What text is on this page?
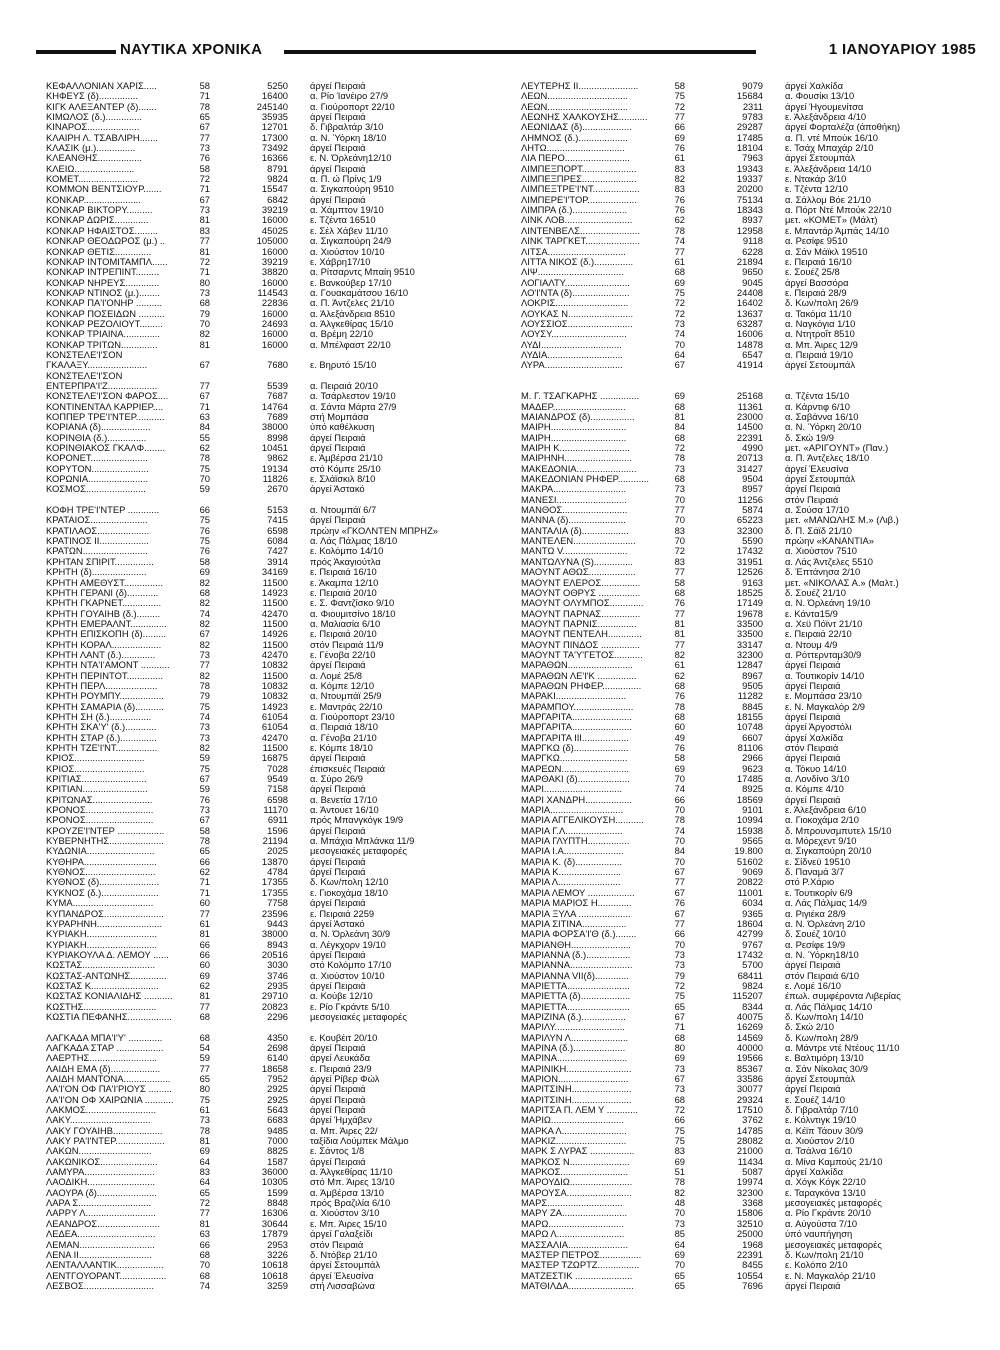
ΝΑΥΤΙΚΑ ΧΡΟΝΙΚΑ	1 ΙΑΝΟΥΑΡΙΟΥ 1985
ΚΕΦΑΛΛΟΝΙΑΝ ΧΑΡΙΣ.....	58	5250 άργεί Πειραιά
ΚΗΦΕΥΣ (δ)...............	71	16400 α. Ρίο Ίανέιρο 27/9
ΚΙΓΚ ΑΛΕΞΑΝΤΕΡ (δ).......	78	245140 α. Γιούροπορτ 22/10
ΚΙΜΩΛΟΣ (δ.)..............	65	35935 άργεί Πειραιά
ΚΙΝΑΡΟΣ....................	67	12701 δ. Γιβραλτάρ 3/10
ΚΛΑΙΡΗ Λ. ΤΣΑΒΛΙΡΗ.......	77	17300 α. Ν. Ύόρκη 18/10
ΚΛΑΣΙΚ (μ.)...............	73	73492 άργεί Πειραιά
ΚΛΕΑΝΘΗΣ.................	76	16366 ε. Ν. Όρλεάνη12/10
ΚΛΕΙΩ.......................	58	8791 άργεί Πειραιά
ΚΟΜΕΤ.......................	72	9824 α. Π. ώ Πρίνς 1/9
ΚΟΜΜΟΝ ΒΕΝΤΣΙΟΥΡ.......	71	15547 α. Σιγκαπούρη 9510
ΚΟΝΚΑΡ......................	67	6842 άργεί Πειραιά
ΚΟΝΚΑΡ ΒΙΚΤΟΡΥ..........	73	39219 α. Χάμπτον 19/10
ΚΟΝΚΑΡ ΔΩΡΙΣ.............	81	16000 ε. Τζέντα 16510
ΚΟΝΚΑΡ ΗΦΑΙΣΤΟΣ.........	83	45025 ε. Σέλ Χάβεν 11/10
ΚΟΝΚΑΡ ΘΕΟΔΩΡΟΣ (μ.) ..	77	105000 α. Σιγκαπούρη 24/9
ΚΟΝΚΑΡ ΘΕΤΙΣ..............	81	16000 α. Χιούστον 10/10
ΚΟΝΚΑΡ ΙΝΤΟΜΙΤΑΜΠΛ......	72	39219 ε. Χάβρη17/10
ΚΟΝΚΑΡ ΙΝΤΡΕΠΙΝΤ.........	71	38820 α. Ρίτσαρντς Μπαίη 9510
ΚΟΝΚΑΡ ΝΗΡΕΥΣ.............	80	16000 ε. Βανκούβερ 17/10
ΚΟΝΚΑΡ ΝΤΙΝΟΣ (μ.)........	73	114543 α. Γουακαμάτσου 16/10
ΚΟΝΚΑΡ ΠΑ'Ι'ΟΝΗΡ ..........	68	22836 α. Π. Άντζελες 21/10
ΚΟΝΚΑΡ ΠΟΣΕΙΔΩΝ ..........	79	16000 α. Άλεξάνδρεια 8510
ΚΟΝΚΑΡ ΡΕΖΟΛΙΟΥΤ.........	70	24693 α. Άλγκεθίρας 15/10
ΚΟΝΚΑΡ ΤΡΙΑΙΝΑ..............	82	16000 α. Βρέμη 22/10
ΚΟΝΚΑΡ ΤΡΙΤΩΝ..............	81	16000 α. Μπέλφαστ 22/10
ΚΟΝΣΤΕΛΕ'Ι'ΣΟΝ
ΓΚΑΛΑΞΥ.......................	67	7680 ε. Βηρυτό 15/10
ΚΟΝΣΤΕΛΕ'Ι'ΣΟΝ
ΕΝΤΕΡΠΡΑ'Ι'Ζ...................	77	5539 α. Πειραιά 20/10
ΚΟΝΣΤΕΛΕ'Ι'ΣΟΝ ΦΑΡΟΣ....	67	7687 α. Τσάρλεστον 19/10
ΚΟΝΤΙΝΕΝΤΑΛ ΚΑΡΡΙΕΡ....	71	14764 α. Σάντα Μάρτα 27/9
ΚΟΠΠΕΡ ΤΡΕ'Ι'ΝΤΕΡ...........	63	7689 στή Μομπάσα
ΚΟΡΙΑΝΑ (δ)...................	84	38000 ύπό καθέλκυση
ΚΟΡΙΝΘΙΑ (δ.)...............	55	8998 άργεί Πειραιά
ΚΟΡΙΝΘΙΑΚΟΣ ΓΚΑΛΦ........	62	10451 άργεί Πειραιά
ΚΟΡΟΝΕΤ......................	78	9862 ε. Άμβέρσα 21/10
ΚΟΡΥΤΟΝ......................	75	19134 στό Κόμπε 25/10
ΚΟΡΩΝΙΑ.......................	70	11826 ε. Σλάϊσκιλ 8/10
ΚΟΣΜΟΣ.......................	59	2670 άργεί Άστακό
ΚΟΦΗ ΤΡΕ'Ι'ΝΤΕΡ ............	66	5153 α. Ντουμπάϊ 6/7
ΚΡΑΤΑΙΟΣ......................	75	7415 άργεί Πειραιά
ΚΡΑΤΙΛΑΟΣ....................	76	6598 πρώην «ΓΚΟΛΝΤΕΝ ΜΠΡΗΖ»
ΚΡΑΤΙΝΟΣ ΙΙ...................	75	6084 α. Λάς Πάλμας 18/10
ΚΡΑΤΩΝ.........................	76	7427 ε. Κολόμπο 14/10
ΚΡΗΤΑΝ ΣΠΙΡΙΤ...............	58	3914 πρός Άκαγιούτλα
ΚΡΗΤΗ (δ).....................	69	34169 ε. Πειραιά 16/10
ΚΡΗΤΗ ΑΜΕΘΥΣΤ...............	82	11500 ε. Άκαμπα 12/10
ΚΡΗΤΗ ΓΕΡΑΝΙ (δ)............	68	14923 ε. Πειραιά 20/10
ΚΡΗΤΗ ΓΚΑΡΝΕΤ...............	82	11500 ε. Σ. Φαντζίσκο 9/10
ΚΡΗΤΗ ΓΟΥΑΙΗΒ (δ.).........	74	42470 α. Φιουμιτσίνο 18/10
ΚΡΗΤΗ ΕΜΕΡΑΛΝΤ..............	82	11500 α. Μαλιασία 6/10
ΚΡΗΤΗ ΕΠΙΣΚΟΠΗ (δ).........	67	14926 ε. Πειραιά 20/10
ΚΡΗΤΗ ΚΟΡΑΛ...................	82	11500 στόν Πειραιά 11/9
ΚΡΗΤΗ ΛΑΝΤ (δ.).............	73	42470 ε. Γένοβα 22/10
ΚΡΗΤΗ ΝΤΑ'Ι'ΑΜΟΝΤ ...........	77	10832 άργεί Πειραιά
ΚΡΗΤΗ ΠΕΡΙΝΤΟΤ..............	82	11500 α. Λομέ 25/8
ΚΡΗΤΗ ΠΕΡΛ....................	78	10832 α. Κόμπε 12/10
ΚΡΗΤΗ ΡΟΥΜΠΥ.................	79	10832 α. Ντουμπάϊ 25/9
ΚΡΗΤΗ ΣΑΜΑΡΙΑ (δ)...........	75	14923 ε. Μαντράς 22/10
ΚΡΗΤΗ ΣΗ (δ.)................	74	61054 α. Γιούροπορτ 23/10
ΚΡΗΤΗ ΣΚΑ'Υ' (δ.)............	73	61054 α. Πειραιά 18/10
ΚΡΗΤΗ ΣΤΑΡ (δ.)..............	73	42470 α. Γένοβα 21/10
ΚΡΗΤΗ ΤΖΕ'Ι'ΝΤ................	82	11500 ε. Κόμπε 18/10
ΚΡΙΟΣ...........................	59	16875 άργεί Πειραιά
ΚΡΙΟΣ...........................	75	7028 έπισκευές Πειραιά
ΚΡΙΤΙΑΣ.........................	67	9549 α. Σύρο 26/9
ΚΡΙΤΙΑΝ.........................	59	7158 άργεί Πειραιά
ΚΡΙΤΩΝΑΣ.......................	76	6598 α. Βενετία 17/10
ΚΡΟΝΟΣ..........................	73	11170 α. Άντουετ 16/10
ΚΡΟΝΟΣ..........................	67	6911 πρός Μπανγκόγκ 19/9
ΚΡΟΥΖΕ'Ι'ΝΤΕΡ ..................	58	1596 άργεί Πειραιά
ΚΥΒΕΡΝΗΤΗΣ.....................	78	21194 α. Μπάχια Μπλάνκα 11/9
ΚΥΔΩΝΙΑ..........................	65	2025 μεσογειακές μεταφορές
ΚΥΘΗΡΑ............................	66	13870 άργεί Πειραιά
ΚΥΘΝΟΣ...........................	62	4784 άργεί Πειραιά
ΚΥΘΝΟΣ (δ).......................	71	17355 δ. Κων/πολη 12/10
ΚΥΚΝΟΣ (δ.)......................	71	17355 ε. Γιοκοχάμα 18/10
ΚΥΜΑ...............................	60	7758 άργεί Πειραιά
ΚΥΠΑΝΔΡΟΣ.......................	77	23596 ε. Πειραιά 2259
ΚΥΡΑΡΗΝΗ.........................	61	9443 άργεί Άστακό
ΚΥΡΙΑΚΗ...........................	81	38000 α. Ν. Όρλεάνη 30/9
ΚΥΡΙΑΚΗ...........................	66	8943 α. Λέγκχορν 19/10
ΚΥΡΙΑΚΟΥΛΑ Δ. ΛΕΜΟΥ ......	66	20516 άργεί Πειραιά
ΚΩΣΤΑΣ............................	60	3030 στό Κολόμπο 17/10
ΚΩΣΤΑΣ-ΑΝΤΩΝΗΣ..............	69	3746 α. Χιούστον 10/10
ΚΩΣΤΑΣ Κ..........................	62	2935 άργεί Πειραιά
ΚΩΣΤΑΣ ΚΟΝΙΑΛΙΔΗΣ ...........	81	29710 α. Κούβε 12/10
ΚΩΣΤΗΣ............................	77	20823 ε. Ρίο Γκράντε 5/10
ΚΩΣΤΙΑ ΠΕΦΑΝΗΣ.................	68	2296 μεσογειακές μεταφορές
ΛΑΓΚΑΔΑ ΜΠΑ'Ι'Υ' .............	68	4350 ε. Κουβέιτ 20/10
ΛΑΓΚΑΔΑ ΣΤΑΡ ..................	54	2698 άργεί Πειραιά
ΛΑΕΡΤΗΣ..........................	59	6140 άργεί Λευκάδα
ΛΑΙΔΗ ΕΜΑ (δ)...................	77	18658 ε. Πειραιά 23/9
ΛΑΙΔΗ ΜΑΝΤΟΝΑ..................	65	7952 άργεί Ρίβερ Φώλ
ΛΑ'Ι'ΟΝ ΟΦ ΠΑ'Ι'ΡΙΟΥΣ .........	80	2925 άργεί Πειραιά
ΛΑ'Ι'ΟΝ ΟΦ ΧΑΙΡΩΝΙΑ ...........	75	2925 άργεί Πειραιά
ΛΑΚΜΟΣ...........................	61	5643 άργεί Πειραιά
ΛΑΚΥ...............................	73	6683 άργεί Ήμχάβεν
ΛΑΚΥ ΓΟΥΑΙΗΒ...................	78	9485 α. Μπ. Άιρες 22/
ΛΑΚΥ ΡΑ'Ι'ΝΤΕΡ...................	81	7000 ταξίδια Λούμπεκ Μάλμο
ΛΑΚΩΝ............................	69	8825 ε. Σάντος 1/8
ΛΑΚΩΝΙΚΟΣ......................	64	1587 άργεί Πειραιά
ΛΑΜΥΡΑ...........................	83	36000 α. Άλγκεθίρας 11/10
ΛΑΟΔΙΚΗ..........................	64	10305 στό Μπ. Άιρες 13/10
ΛΑΟΥΡΑ (δ).......................	65	1599 α. Άμβέρσα 13/10
ΛΑΡΑ Σ............................	72	8848 πρός Βραζιλία 6/10
ΛΑΡΡΥ Λ...........................	77	16306 α. Χιούστον 3/10
ΛΕΑΝΔΡΟΣ........................	81	30644 ε. Μπ. Άιρες 15/10
ΛΕΔΕΑ..............................	63	17879 άργεί Γαλαξείδι
ΛΕΜΑΝ.............................	66	2953 στόν Πειραιά
ΛΕΝΑ ΙΙ............................	68	3226 δ. Ντόβερ 21/10
ΛΕΝΤΑΛΛΑΝΤΙΚ..................	70	10618 άργεί Σετουμπάλ
ΛΕΝΤΓΟΥΟΡΑΝΤ..................	68	10618 άργεί Έλευσίνα
ΛΕΣΒΟΣ...........................	74	3259 στή Λισσαβώνα
ΛΕΥΤΕΡΗΣ ΙΙ.......................	58	9079 άργεί Χαλκίδα
ΛΕΩΝ...............................	75	15684 α. Φουσίκι 13/10
ΛΕΩΝ...............................	72	2311 άργεί Ήγουμενίτσα
ΛΕΩΝΗΣ ΧΑΛΚΟΥΣΗΣ...........	77	9783 ε. Άλεξάνδρεια 4/10
ΛΕΩΝΙΔΑΣ (δ)...................	66	29287 άργεί Φορταλέζα (άποθήκη)
ΛΗΜΝΟΣ (δ.)...................	69	17485 α. Π. ντέ Μπούκ 16/10
ΛΗΤΩ..............................	76	18104 ε. Τσάχ Μπαχάρ 2/10
ΛΙΑ ΠΕΡΟ.........................	61	7963 άργεί Σετουμπάλ
ΛΙΜΠΕΞΠΟΡΤ.....................	83	19343 ε. Άλεξάνδρεια 14/10
ΛΙΜΠΕΞΠΡΕΣ.....................	82	19337 ε. Ντακάρ 3/10
ΛΙΜΠΕΞΤΡΕ'Ι'ΝΤ..................	83	20200 ε. Τζέντα 12/10
ΛΙΜΠΕΡΕ'Ι'ΤΟΡ...................	76	75134 α. Σάλλομ Βόε 21/10
ΛΙΜΠΡΑ (δ.).....................	76	18343 α. Πόρτ Ντέ Μπούκ 22/10
ΛΙΝΚ ΛΟΒ..........................	62	8937 μετ. «ΚΟΜΕΤ» (Μάλτ)
ΛΙΝΤΕΝΒΕΛΣ.......................	78	12958 ε. Μπαντάρ Άμπάς 14/10
ΛΙΝΚ ΤΑΡΓΚΕΤ.....................	74	9118 α. Ρεσίφε 9510
ΛΙΤΣΑ..............................	77	6228 α. Σάν Μάϊκλ 19510
ΛΙΤΤΑ ΝΙΚΟΣ (δ.)...............	61	21894 ε. Πειραιά 16/10
ΛΙΨ.................................	68	9650 ε. Σουέζ 25/8
ΛΟΓΙΑΛΤΥ.........................	69	9045 άργεί Βασσόρα
ΛΟ'Ι'ΝΤΑ (δ)......................	75	24408 ε. Πειραιά 28/9
ΛΟΚΡΙΣ............................	72	16402 δ. Κων/πολη 26/9
ΛΟΥΚΑΣ Ν.........................	72	13637 α. Τακόμα 11/10
ΛΟΥΣΣΙΟΣ.........................	73	63287 α. Ναγκόγια 1/10
ΛΟΥΣΥ.............................	74	16006 α. Ντητροΐτ 8510
ΛΥΔΙ...............................	70	14878 α. Μπ. Άιρες 12/9
ΛΥΔΙΑ.............................	64	6547 α. Πειραιά 19/10
ΛΥΡΑ..............................	67	41914 άργεί Σετουμπάλ
Μ. Γ. ΤΣΑΓΚΑΡΗΣ ...............	69	25168 α. Τζέντα 15/10
ΜΑΔΕΡ............................	68	11361 α. Κάρντιφ 6/10
ΜΑΙΑΝΔΡΟΣ (δ).................	81	23000 α. Σαβάννα 16/10
ΜΑΙΡΗ.............................	84	14500 α. Ν. Ύόρκη 20/10
ΜΑΙΡΗ.............................	68	22391 δ. Σκώ 19/9
ΜΑΙΡΗ Κ...........................	72	4990 μετ. «ΑΡΙΓΟΥΝΤ» (Παν.)
ΜΑΙΡΗΝΗ..........................	78	20713 α. Π. Άντζελες 18/10
ΜΑΚΕΔΟΝΙΑ.......................	73	31427 άργεί Έλευσίνα
ΜΑΚΕΔΟΝΙΑΝ ΡΗΦΕΡ............	68	9504 άργεί Σετουμπάλ
ΜΑΚΡΑ............................	73	8957 άργεί Πειραιά
ΜΑΝΕΣΙ...........................	70	11256 στόν Πειραιά
ΜΑΝΘΟΣ.........................	77	5874 α. Σούσα 17/10
ΜΑΝΝΑ (δ)......................	70	65223 μετ. «ΜΑΝΩΛΗΣ Μ.» (Λιβ.)
ΜΑΝΤΑΛΙΑ (δ)..................	83	32300 δ. Π. Σάϊδ 21/10
ΜΑΝΤΕΛΕΝ........................	70	5590 πρώην «ΚΑΝΑΝΤΙΑ»
ΜΑΝΤΩ V.........................	72	17432 α. Χιούστον 7510
ΜΑΝΤΩΛΥΝΑ (S)...............	83	31951 α. Λάς Άντζελες 5510
ΜΑΟΥΝΤ ΑΘΩΣ..................	77	12526 δ. Έπτάνησα 2/10
ΜΑΟΥΝΤ ΕΛΕΡΟΣ...............	58	9163 μετ. «ΝΙΚΟΛΑΣ Α.» (Μαλτ.)
ΜΑΟΥΝΤ ΟΘΡΥΣ ................	68	18525 δ. Σουέζ 21/10
ΜΑΟΥΝΤ ΟΛΥΜΠΟΣ.............	76	17149 α. Ν. Όρλεάνη 19/10
ΜΑΟΥΝΤ ΠΑΡΝΑΣ...............	77	19678 ε. Κάντα15/9
ΜΑΟΥΝΤ ΠΑΡΝΙΣ...............	81	33500 α. Χεϋ Πόϊντ 21/10
ΜΑΟΥΝΤ ΠΕΝΤΕΛΗ.............	81	33500 ε. Πειραιά 22/10
ΜΑΟΥΝΤ ΠΙΝΔΟΣ ...............	77	33147 α. Ντουμ 4/9
ΜΑΟΥΝΤ ΤΑ'Υ'ΓΕΤΟΣ...........	82	32300 α. Ρόττερνταμ30/9
ΜΑΡΑΘΩΝ.........................	61	12847 άργεί Πειραιά
ΜΑΡΑΘΩΝ ΛΕ'Ι'Κ ...............	62	8967 α. Τουτικορίν 14/10
ΜΑΡΑΘΩΝ ΡΗΦΕΡ...............	68	9505 άργεί Πειραιά
ΜΑΡΑΚΙ...........................	76	11282 ε. Μομπάσα 23/10
ΜΑΡΑΜΠΟΥ.......................	78	8845 ε. Ν. Μαγκαλόρ 2/9
ΜΑΡΓΑΡΙΤΑ.......................	68	18155 άργεί Πειραιά
ΜΑΡΓΑΡΙΤΑ.......................	60	10748 άργεί Άργοστόλι
ΜΑΡΓΑΡΙΤΑ ΙΙΙ..................	49	6607 άργεί Χαλκίδα
ΜΑΡΓΚΩ (δ).....................	76	81106 στόν Πειραιά
ΜΑΡΓΚΩ..........................	58	2966 άργεί Πειραιά
ΜΑΡΕΩΝ..........................	69	9623 α. Τόκυο 14/10
ΜΑΡΘΑΚΙ (δ)....................	70	17485 α. Λονδίνο 3/10
ΜΑΡΙ..............................	74	8925 α. Κόμπε 4/10
ΜΑΡΙ ΧΑΝΔΡΗ..................	66	18569 άργεί Πειραιά
ΜΑΡΙΑ............................	70	9101 ε. Άλεξάνδρεια 6/10
ΜΑΡΙΑ ΑΓΓΕΛΙΚΟΥΣΗ...........	78	10994 α. Γιοκοχάμα 2/10
ΜΑΡΙΑ Γ.Λ......................	74	15938 δ. Μπρουνσμπυτελ 15/10
ΜΑΡΙΑ ΓΛΥΠΤΗ................	70	9565 α. Μόρεχεντ 9/10
ΜΑΡΙΑ Ι.Α.......................	84	19.800 α. Σιγκαπούρη 20/10
ΜΑΡΙΑ Κ. (δ)..................	70	51602 ε. Σίδνεϋ 19510
ΜΑΡΙΑ Κ........................	67	9069 δ. Παναμά 3/7
ΜΑΡΙΑ Λ........................	77	20822 στό Ρ.Χάριο
ΜΑΡΙΑ ΛΕΜΟΥ ..................	67	11001 ε. Τουτικορίν 6/9
ΜΑΡΙΑ ΜΑΡΙΟΣ Η.............	76	6034 α. Λάς Πάλμας 14/9
ΜΑΡΙΑ ΞΥΛΑ ....................	67	9365 α. Ριγιέκα 28/9
ΜΑΡΙΑ ΣΙΤΙΝΑ.................	77	18604 α. Ν. Όρλεάνη 2/10
ΜΑΡΙΑ ΦΟΡΣΑ'Ι'Θ (δ.)........	66	42799 δ. Σουέζ 10/10
ΜΑΡΙΑΝΘΗ.......................	70	9767 α. Ρεσίφε 19/9
ΜΑΡΙΑΝΝΑ (δ.).................	73	17432 α. Ν. Ύόρκη18/10
ΜΑΡΙΑΝΝΑ........................	73	5700 άργεί Πειραιά
ΜΑΡΙΑΝΝΑ VII(δ).............	79	68411 στόν Πειραιά 6/10
ΜΑΡΙΕΤΤΑ........................	72	9824 ε. Λομέ 16/10
ΜΑΡΙΕΤΤΑ (δ)...................	75	115207 έπωλ. συμφέροντα Λιβερίας
ΜΑΡΙΕΤΤΑ........................	65	8344 α. Λάς Πάλμας 14/10
ΜΑΡΙΖΙΝΑ (δ.).................	67	40075 δ. Κων/πολη 14/10
ΜΑΡΙΛΥ...........................	71	16269 δ. Σκώ 2/10
ΜΑΡΙΛΥΝ Λ......................	68	14569 δ. Κων/πολη 28/9
ΜΑΡΙΝΑ (δ.)....................	80	40000 α. Μάντρε ντέ Ντέους 11/10
ΜΑΡΙΝΑ...........................	69	19566 ε. Βαλτιμόρη 13/10
ΜΑΡΙΝΙΚΗ.........................	73	85367 α. Σάν Νίκολας 30/9
ΜΑΡΙΟΝ...........................	67	33586 άργεί Σετουμπάλ
ΜΑΡΙΤΣΙΝΗ.......................	73	30077 άργεί Πειραιά
ΜΑΡΙΤΣΙΝΗ.......................	68	29324 ε. Σουέζ 14/10
ΜΑΡΙΤΣΑ Π. ΛΕΜ Υ ............	72	17510 δ. Γιβραλτάρ 7/10
ΜΑΡΙΩ............................	66	3762 ε. Κόλντιγκ 19/10
ΜΑΡΚΑ Λ.........................	75	14785 α. Κέϊπ Τάουν 30/9
ΜΑΡΚΙΖ...........................	75	28082 α. Χιούστον 2/10
ΜΑΡΚ Σ ΛΥΡΑΣ .................	83	21000 α. Τσάλνα 16/10
ΜΑΡΚΟΣ Ν.......................	69	11434 α. Μίνα Καμπούς 21/10
ΜΑΡΚΟΣ..........................	51	5087 άργεί Χαλκίδα
ΜΑΡΟΥΔΙΩ........................	78	19974 α. Χόγκ Κόγκ 22/10
ΜΑΡΟΥΣΑ.........................	82	32300 ε. Ταραγκόνα 13/10
ΜΑΡΣ.............................	48	3368 μεσογειακές μεταφορές
ΜΑΡΥ ΖΑ.........................	70	15806 α. Ρίο Γκράντε 20/10
ΜΑΡΩ.............................	73	32510 α. Αύγούστα 7/10
ΜΑΡΩ Λ..........................	85	25000 ύπό ναυπήγηση
ΜΑΣΣΑΛΙΑ.......................	64	1968 μεσογειακές μεταφορές
ΜΑΣΤΕΡ ΠΕΤΡΟΣ................	69	22391 δ. Κων/πολη 21/10
ΜΑΣΤΕΡ ΤΖΩΡΤΖ................	70	8455 ε. Κολόπο 2/10
ΜΑΤΖΕΣΤΙΚ ......................	65	10554 ε. Ν. Μαγκαλόρ 21/10
ΜΑΤΘΙΛΔΑ.........................	65	7696 άργεί Πειραιά
